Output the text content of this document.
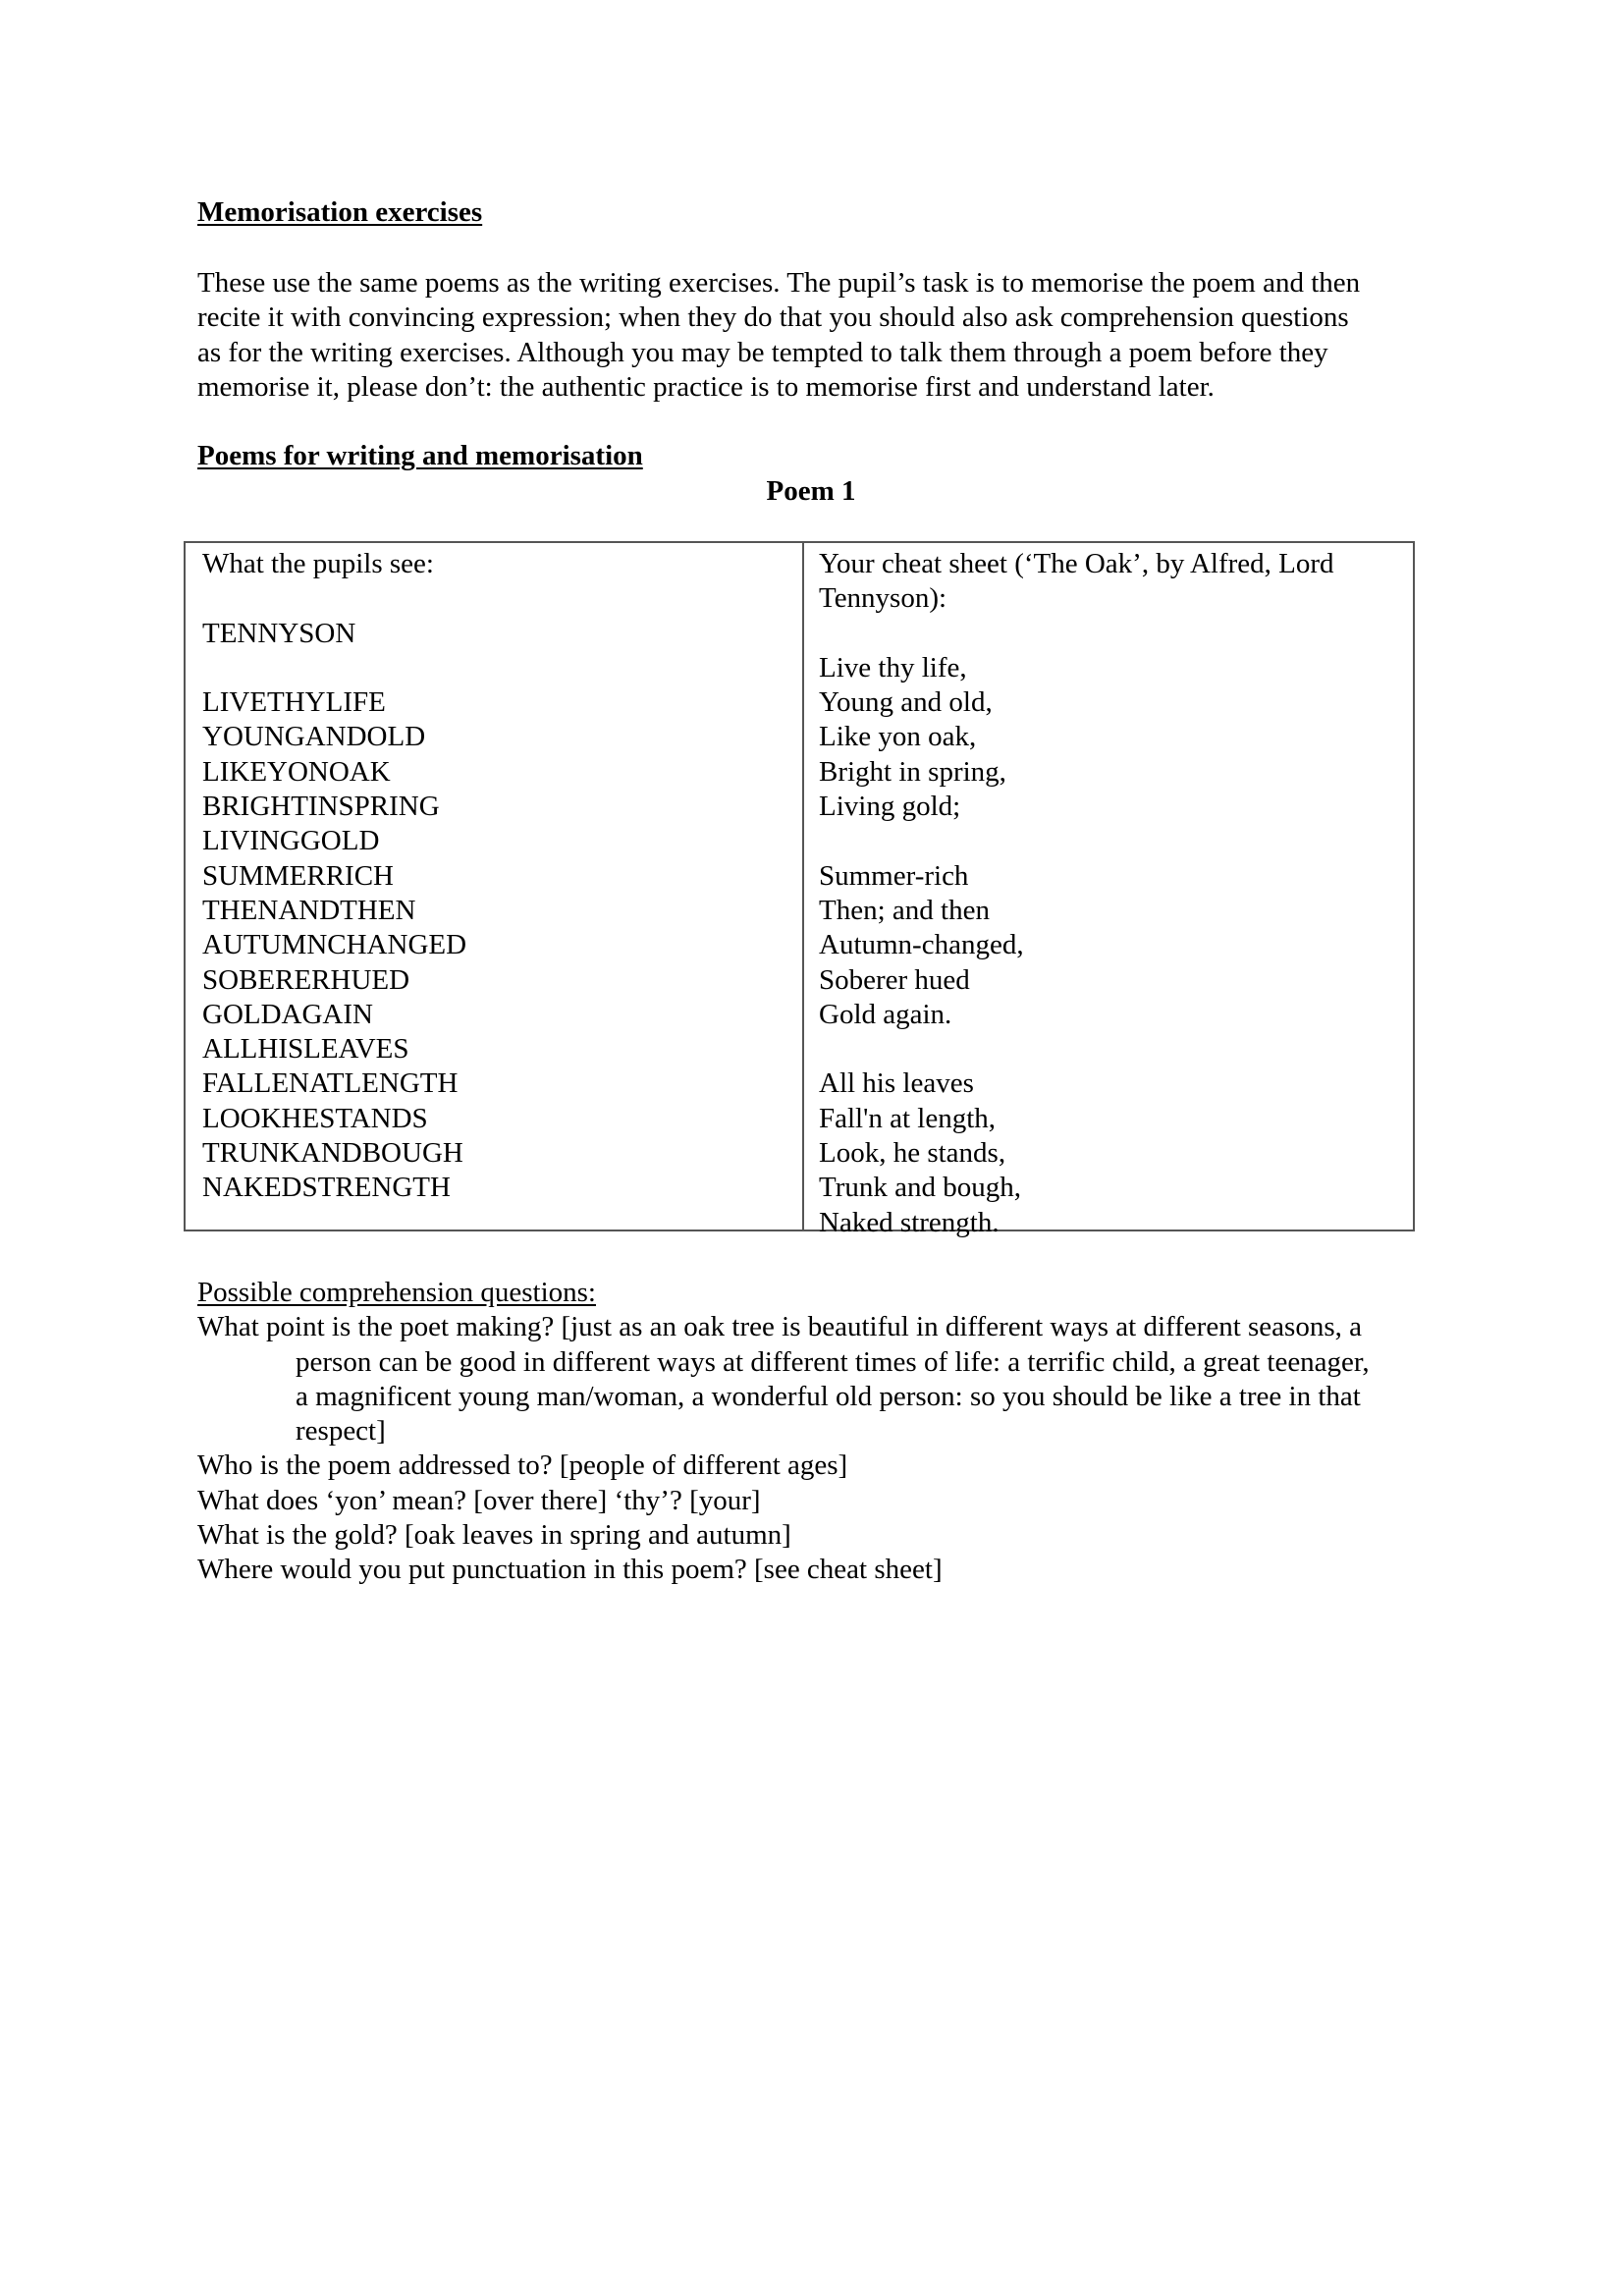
Memorisation exercises
These use the same poems as the writing exercises. The pupil’s task is to memorise the poem and then
recite it with convincing expression; when they do that you should also ask comprehension questions
as for the writing exercises. Although you may be tempted to talk them through a poem before they
memorise it, please don’t: the authentic practice is to memorise first and understand later.
Poems for writing and memorisation
Poem 1
What the pupils see:
TENNYSON
LIVETHYLIFE
YOUNGANDOLD
LIKEYONOAK
BRIGHTINSPRING
LIVINGGOLD
SUMMERRICH
THENANDTHEN
AUTUMNCHANGED
SOBERERHUED
GOLDAGAIN
ALLHISLEAVES
FALLENATLENGTH
LOOKHESTANDS
TRUNKANDBOUGH
NAKEDSTRENGTH
Your cheat sheet (‘The Oak’, by Alfred, Lord
Tennyson):
Live thy life,
Young and old,
Like yon oak,
Bright in spring,
Living gold;
Summer-rich
Then; and then
Autumn-changed,
Soberer hued
Gold again.
All his leaves
Fall'n at length,
Look, he stands,
Trunk and bough,
Naked strength.
Possible comprehension questions:
What point is the poet making? [just as an oak tree is beautiful in different ways at different seasons, a
person can be good in different ways at different times of life: a terrific child, a great teenager,
a magnificent young man/woman, a wonderful old person: so you should be like a tree in that
respect]
Who is the poem addressed to? [people of different ages]
What does ‘yon’ mean? [over there] ‘thy’? [your]
What is the gold? [oak leaves in spring and autumn]
Where would you put punctuation in this poem? [see cheat sheet]
